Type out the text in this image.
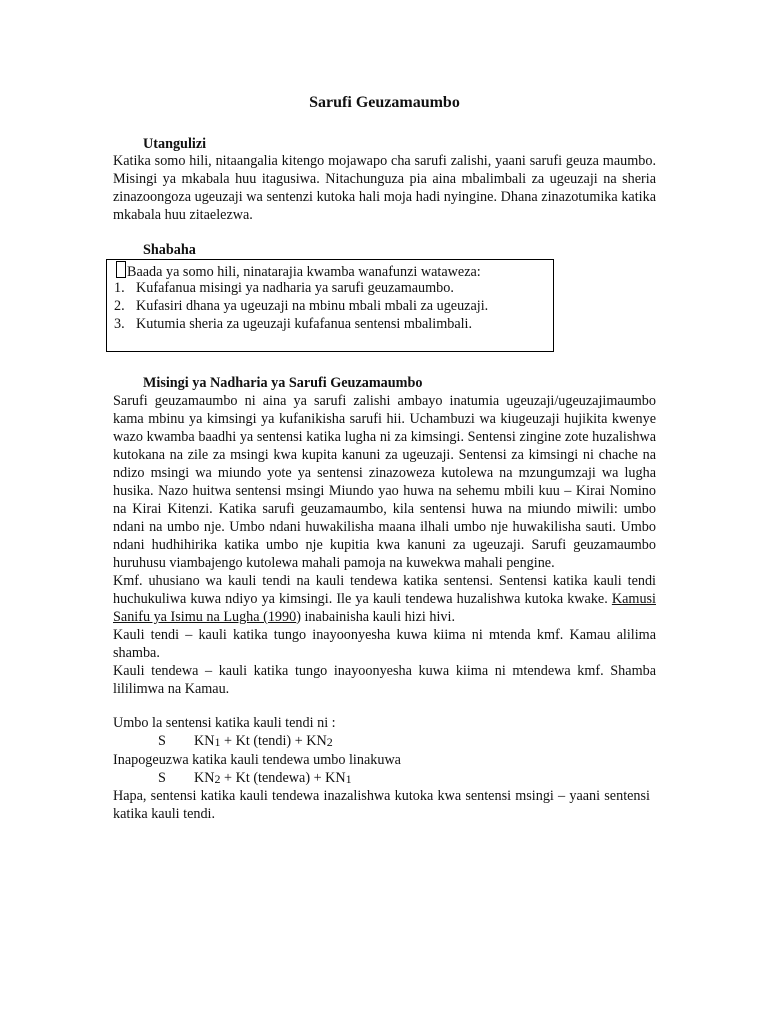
Sarufi Geuzamaumbo
Utangulizi

Katika somo hili, nitaangalia kitengo mojawapo cha sarufi zalishi, yaani sarufi geuza maumbo. Misingi ya mkabala huu itagusiwa. Nitachunguza pia aina mbalimbali za ugeuzaji na sheria zinazoongoza ugeuzaji wa sentenzi kutoka hali moja hadi nyingine. Dhana zinazotumika katika mkabala huu zitaelezwa.

Shabaha
Baada ya somo hili, ninatarajia kwamba wanafunzi wataweza:
1. Kufafanua misingi ya nadharia ya sarufi geuzamaumbo.
2. Kufasiri dhana ya ugeuzaji na mbinu mbali mbali za ugeuzaji.
3. Kutumia sheria za ugeuzaji kufafanua sentensi mbalimbali.
Misingi ya Nadharia ya Sarufi Geuzamaumbo

Sarufi geuzamaumbo ni aina ya sarufi zalishi ambayo inatumia ugeuzaji/ugeuzajimaumbo kama mbinu ya kimsingi ya kufanikisha sarufi hii. Uchambuzi wa kiugeuzaji hujikita kwenye wazo kwamba baadhi ya sentensi katika lugha ni za kimsingi. Sentensi zingine zote huzalishwa kutokana na zile za msingi kwa kupita kanuni za ugeuzaji. Sentensi za kimsingi ni chache na ndizo msingi wa miundo yote ya sentensi zinazoweza kutolewa na mzungumzaji wa lugha husika. Nazo huitwa sentensi msingi Miundo yao huwa na sehemu mbili kuu – Kirai Nomino na Kirai Kitenzi. Katika sarufi geuzamaumbo, kila sentensi huwa na miundo miwili: umbo ndani na umbo nje. Umbo ndani huwakilisha maana ilhali umbo nje huwakilisha sauti. Umbo ndani hudhihirika katika umbo nje kupitia kwa kanuni za ugeuzaji. Sarufi geuzamaumbo huruhusu viambajengo kutolewa mahali pamoja na kuwekwa mahali pengine.

Kmf. uhusiano wa kauli tendi na kauli tendewa katika sentensi. Sentensi katika kauli tendi huchukuliwa kuwa ndiyo ya kimsingi. Ile ya kauli tendewa huzalishwa kutoka kwake. Kamusi Sanifu ya Isimu na Lugha (1990) inabainisha kauli hizi hivi.

Kauli tendi – kauli katika tungo inayoonyesha kuwa kiima ni mtenda kmf. Kamau alilima shamba.

Kauli tendewa – kauli katika tungo inayoonyesha kuwa kiima ni mtendewa kmf. Shamba lililimwa na Kamau.

Umbo la sentensi katika kauli tendi ni :
S KN1 + Kt (tendi) + KN2
Inapogeuzwa katika kauli tendewa umbo linakuwa
S KN2 + Kt (tendewa) + KN1

Hapa, sentensi katika kauli tendewa inazalishwa kutoka kwa sentensi msingi – yaani sentensi katika kauli tendi.
